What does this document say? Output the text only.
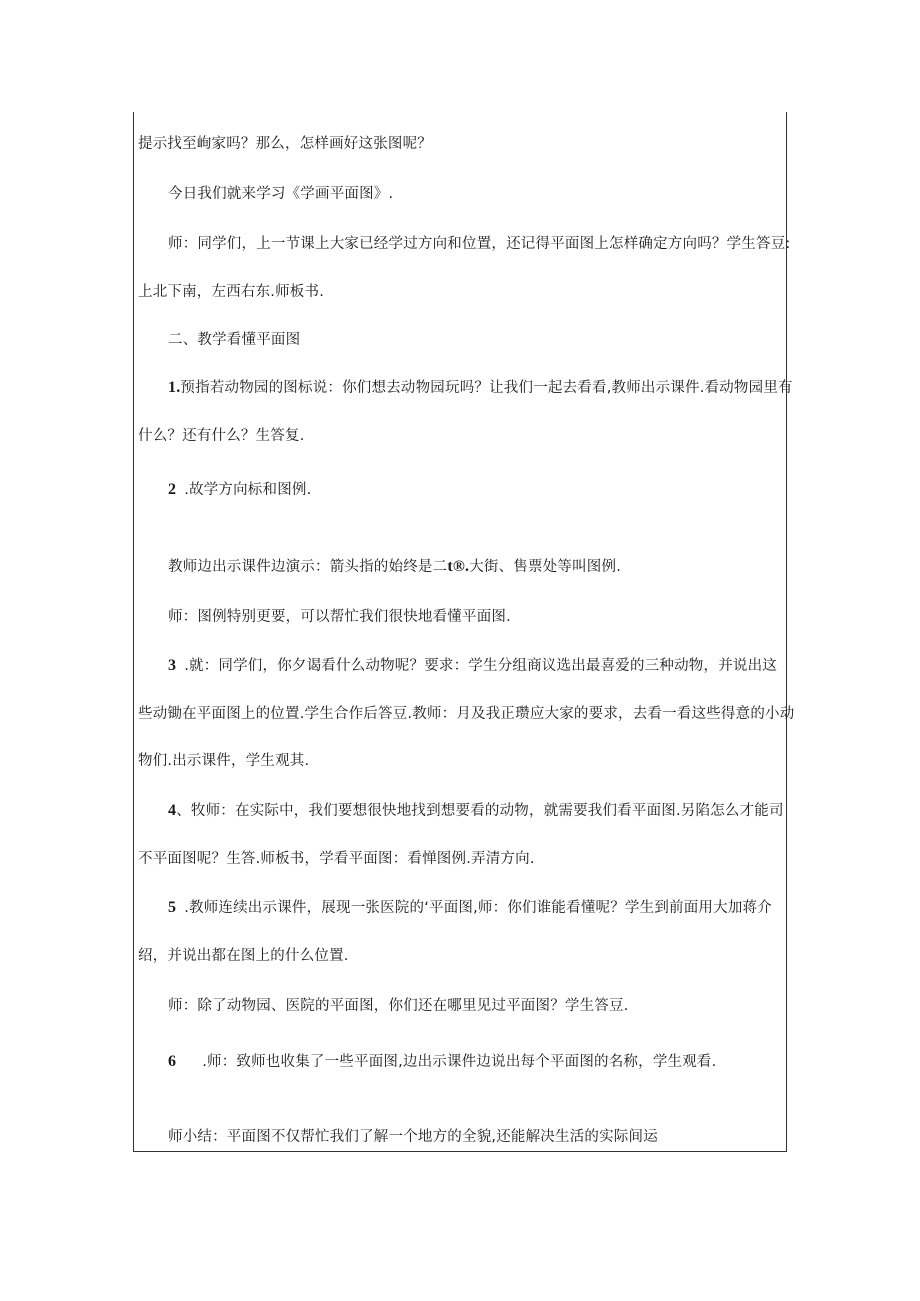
提示找至峋家吗？那么，怎样画好这张图呢？
今日我们就来学习《学画平面图》.
师：同学们，上一节课上大家已经学过方向和位置，还记得平面图上怎样确定方向吗？学生答豆:
上北下南，左西右东.师板书.
二、教学看懂平面图
1.预指若动物园的图标说：你们想去动物园玩吗？让我们一起去看看,教师出示课件.看动物园里有
什么？还有什么？生答复.
2 .故学方向标和图例.
教师边出示课件边演示：箭头指的始终是二t®.大街、售票处等叫图例.
师：图例特别更要，可以帮忙我们很快地看懂平面图.
3 .就：同学们，你夕谒看什么动物呢？要求：学生分组商议选出最喜爱的三种动物，并说出这
些动锄在平面图上的位置.学生合作后答豆.教师：月及我正瓒应大家的要求，去看一看这些得意的小动
物们.出示课件，学生观其.
4、牧师：在实际中，我们要想很快地找到想要看的动物，就需要我们看平面图.另陷怎么才能司
不平面图呢？生答.师板书，学看平面图：看惮图例.弄清方向.
5 .教师连续出示课件，展现一张医院的‘平面图,师：你们谁能看懂呢？学生到前面用大加蒋介
绍，并说出都在图上的什么位置.
师：除了动物园、医院的平面图，你们还在哪里见过平面图？学生答豆.
6 .师：致师也收集了一些平面图,边出示课件边说出每个平面图的名称，学生观看.
师小结：平面图不仅帮忙我们了解一个地方的全貌,还能解决生活的实际间运
